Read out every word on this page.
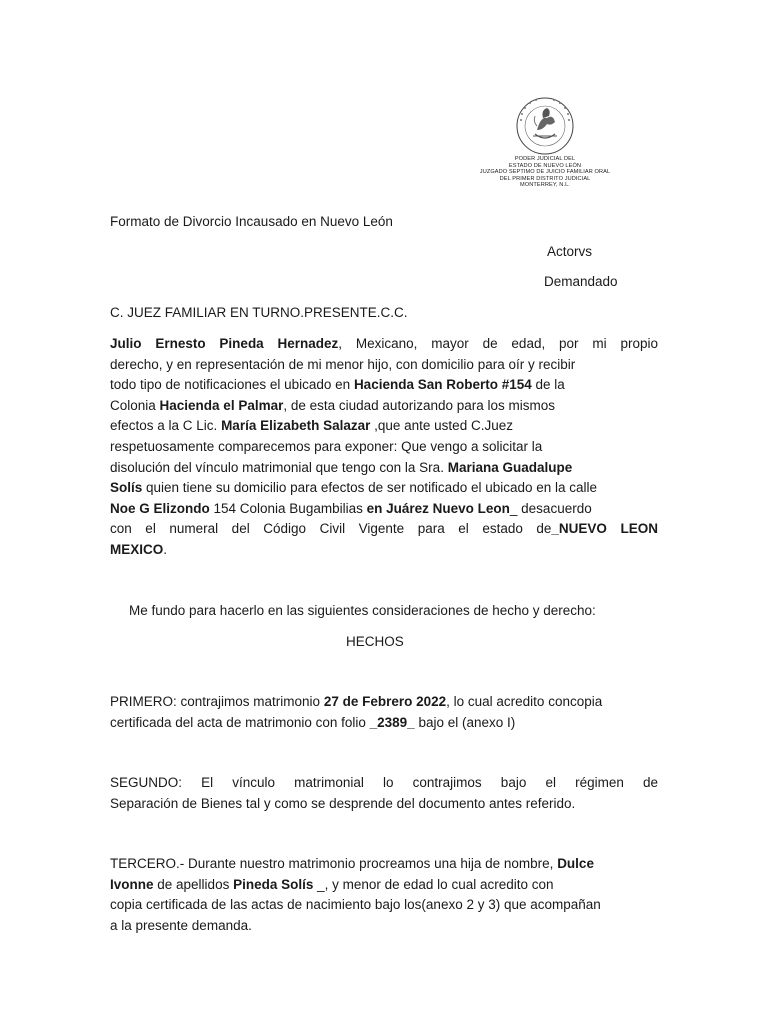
PODER JUDICIAL DEL
ESTADO DE NUEVO LEÓN
JUZGADO SEPTIMO DE JUICIO FAMILIAR ORAL
DEL PRIMER DISTRITO JUDICIAL
MONTERREY, N.L.
Formato de Divorcio Incausado en Nuevo León
Actorvs
Demandado
C. JUEZ FAMILIAR EN TURNO.PRESENTE.C.C.
Julio Ernesto Pineda Hernadez, Mexicano, mayor de edad, por mi propio
derecho, y en representación de mi menor hijo, con domicilio para oír y recibir
todo tipo de notificaciones el ubicado en Hacienda San Roberto #154 de la
Colonia Hacienda el Palmar, de esta ciudad autorizando para los mismos
efectos a la C Lic. María Elizabeth Salazar ,que ante usted C.Juez
respetuosamente comparecemos para exponer: Que vengo a solicitar la
disolución del vínculo matrimonial que tengo con la Sra. Mariana Guadalupe
Solís quien tiene su domicilio para efectos de ser notificado el ubicado en la calle
Noe G Elizondo 154 Colonia Bugambilias en Juárez Nuevo Leon_ desacuerdo
con el numeral del Código Civil Vigente para el estado de_NUEVO LEON
MEXICO.
Me fundo para hacerlo en las siguientes consideraciones de hecho y derecho:
HECHOS
PRIMERO: contrajimos matrimonio 27 de Febrero 2022, lo cual acredito concopia
certificada del acta de matrimonio con folio _2389_ bajo el (anexo I)
SEGUNDO: El vínculo matrimonial lo contrajimos bajo el régimen de
Separación de Bienes tal y como se desprende del documento antes referido.
TERCERO.- Durante nuestro matrimonio procreamos una hija de nombre, Dulce
Ivonne de apellidos Pineda Solís _, y menor de edad lo cual acredito con
copia certificada de las actas de nacimiento bajo los(anexo 2 y 3) que acompañan
a la presente demanda.
